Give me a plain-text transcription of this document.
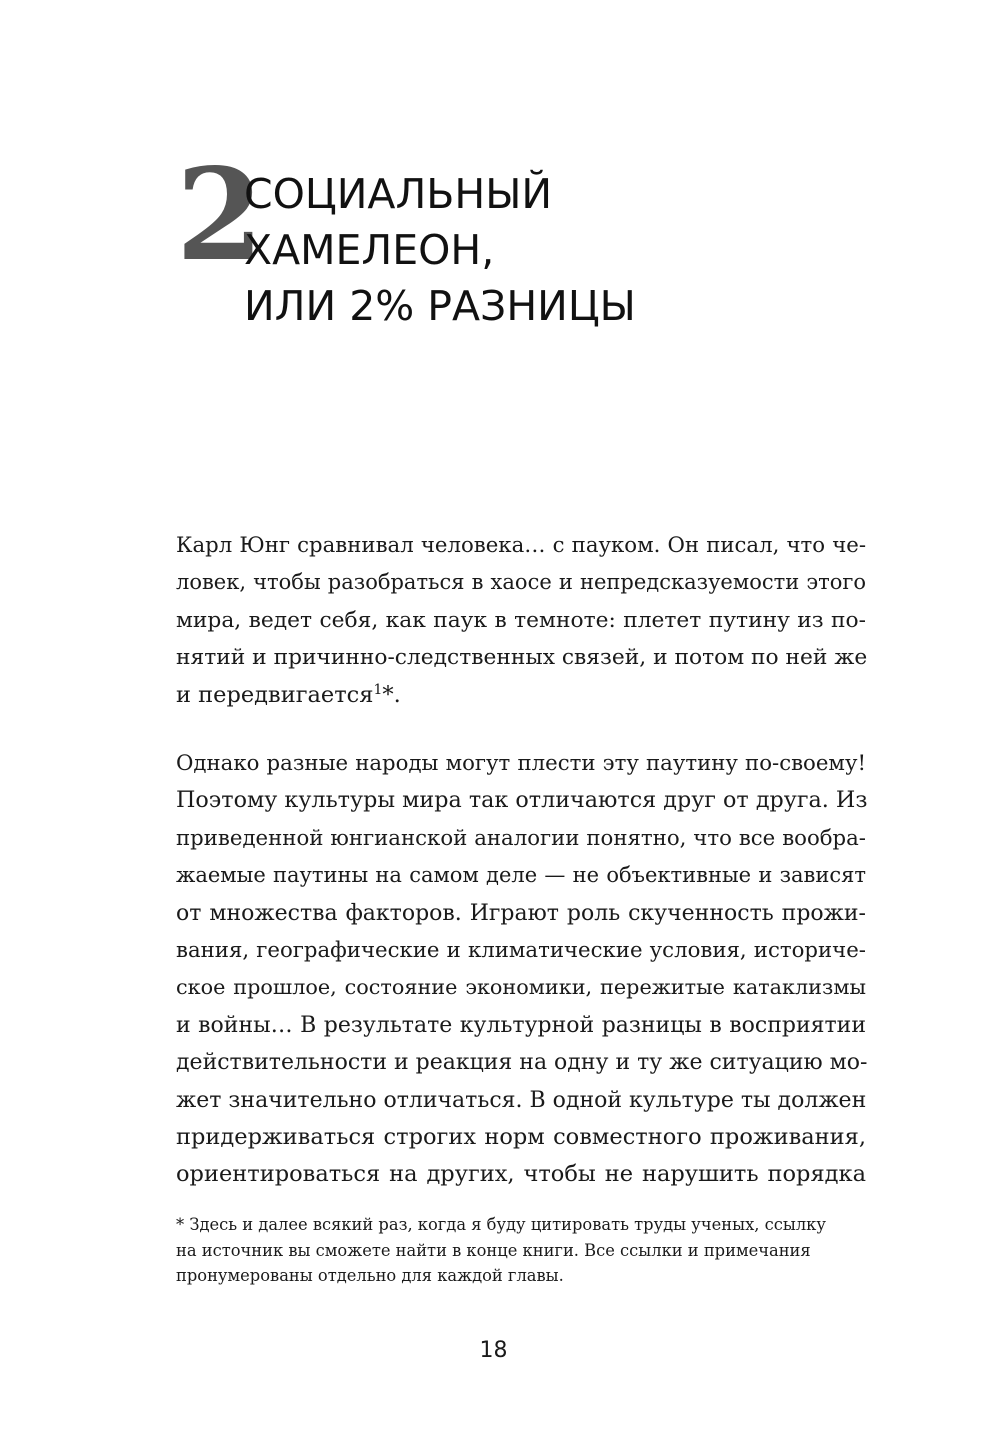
2
СОЦИАЛЬНЫЙ
ХАМЕЛЕОН,
ИЛИ 2% РАЗНИЦЫ
Карл Юнг сравнивал человека… с пауком. Он писал, что че-
ловек, чтобы разобраться в хаосе и непредсказуемости этого
мира, ведет себя, как паук в темноте: плетет путину из по-
нятий и причинно-следственных связей, и потом по ней же
и передвигается$^1$*.
Однако разные народы могут плести эту паутину по-своему!
Поэтому культуры мира так отличаются друг от друга. Из
приведенной юнгианской аналогии понятно, что все вообра-
жаемые паутины на самом деле — не объективные и зависят
от множества факторов. Играют роль скученность прожи-
вания, географические и климатические условия, историче-
ское прошлое, состояние экономики, пережитые катаклизмы
и войны… В результате культурной разницы в восприятии
действительности и реакция на одну и ту же ситуацию мо-
жет значительно отличаться. В одной культуре ты должен
придерживаться строгих норм совместного проживания,
ориентироваться на других, чтобы не нарушить порядка
* Здесь и далее всякий раз, когда я буду цитировать труды ученых, ссылку
на источник вы сможете найти в конце книги. Все ссылки и примечания
пронумерованы отдельно для каждой главы.
18
